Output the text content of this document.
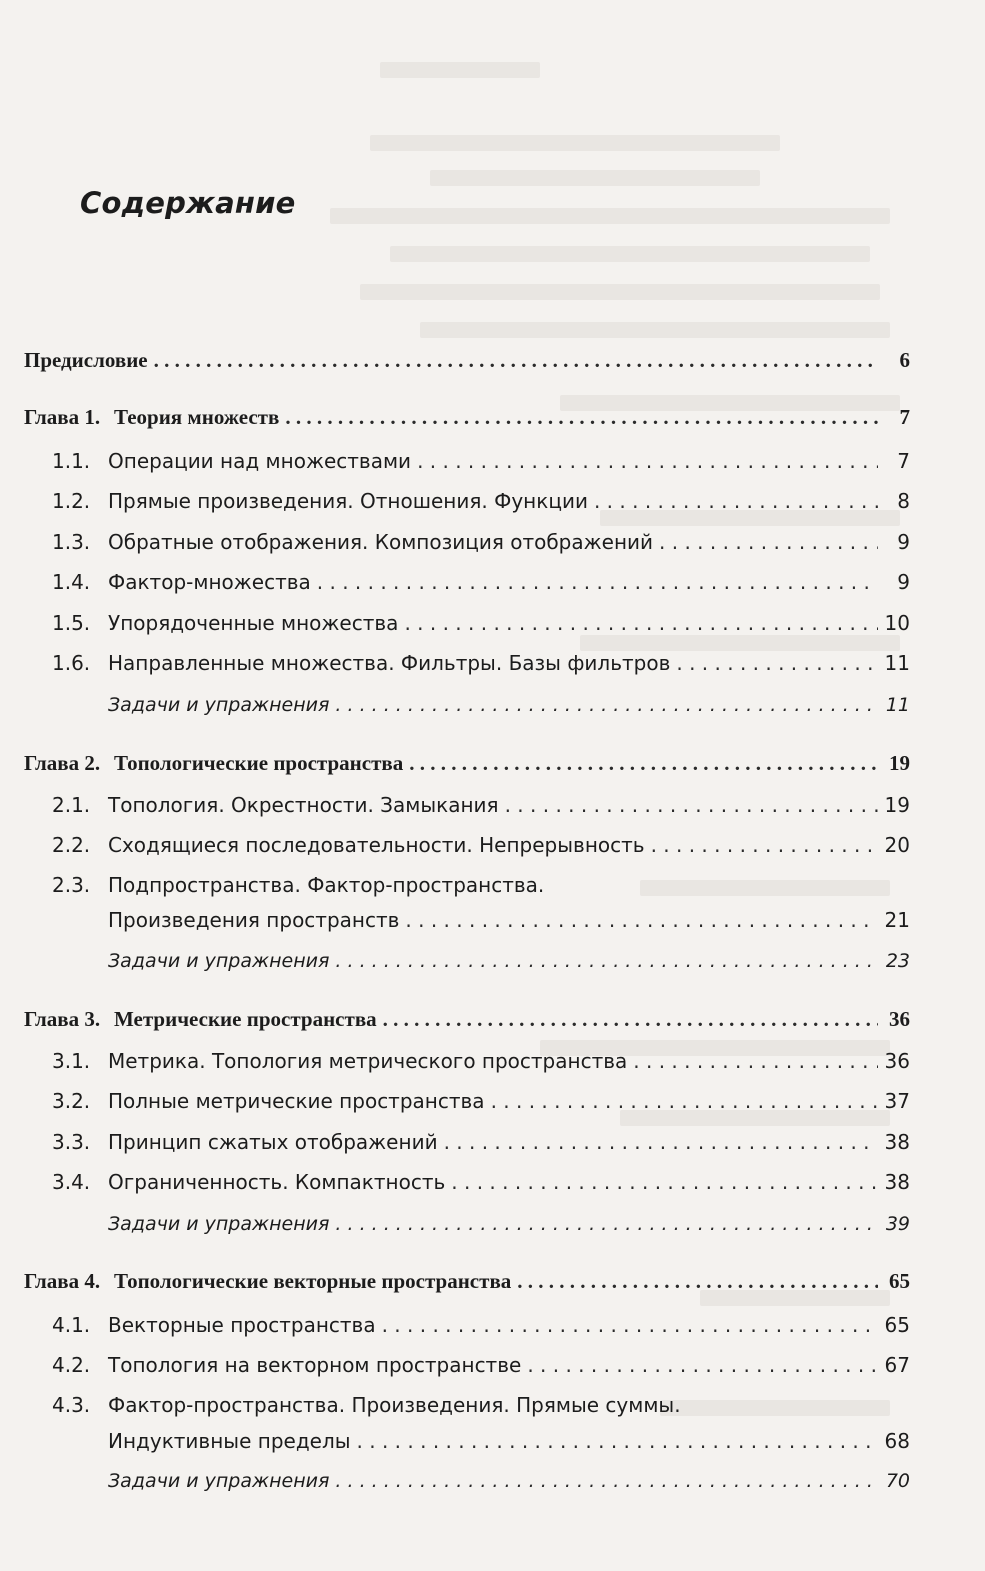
Содержание
Предисловие . . .	6
Глава 1. Теория множеств . . .	7
1.1. Операции над множествами . . .	7
1.2. Прямые произведения. Отношения. Функции . . .	8
1.3. Обратные отображения. Композиция отображений . . .	9
1.4. Фактор-множества . . .	9
1.5. Упорядоченные множества . . .	10
1.6. Направленные множества. Фильтры. Базы фильтров . . .	11
Задачи и упражнения . . .	11
Глава 2. Топологические пространства . . .	19
2.1. Топология. Окрестности. Замыкания . . .	19
2.2. Сходящиеся последовательности. Непрерывность . . .	20
2.3. Подпространства. Фактор-пространства.
Произведения пространств . . .	21
Задачи и упражнения . . .	23
Глава 3. Метрические пространства . . .	36
3.1. Метрика. Топология метрического пространства . . .	36
3.2. Полные метрические пространства . . .	37
3.3. Принцип сжатых отображений . . .	38
3.4. Ограниченность. Компактность . . .	38
Задачи и упражнения . . .	39
Глава 4. Топологические векторные пространства . . .	65
4.1. Векторные пространства . . .	65
4.2. Топология на векторном пространстве . . .	67
4.3. Фактор-пространства. Произведения. Прямые суммы.
Индуктивные пределы . . .	68
Задачи и упражнения . . .	70
